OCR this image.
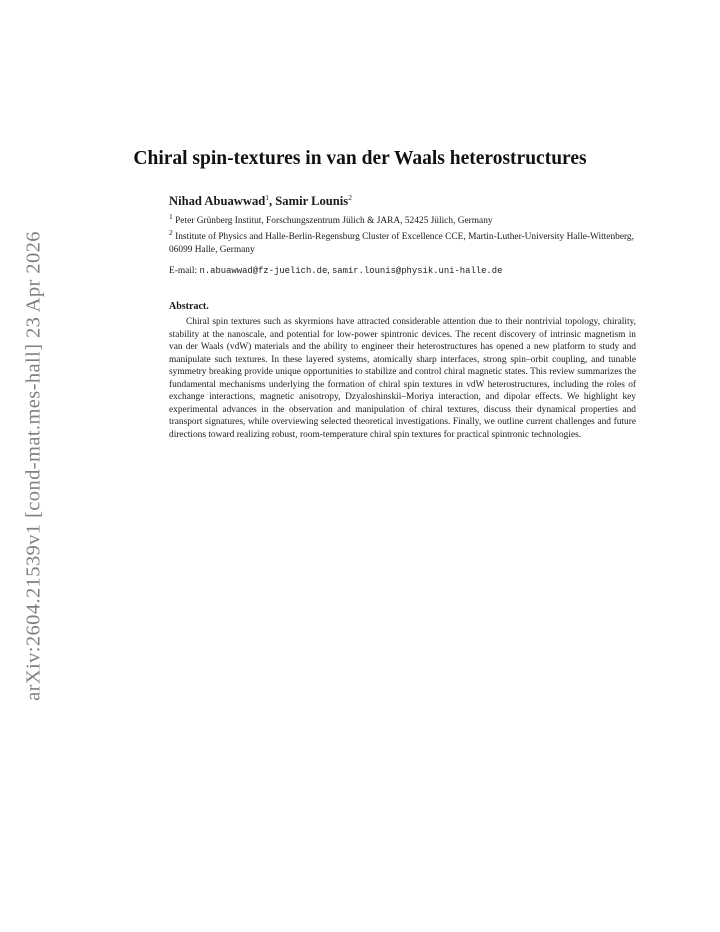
arXiv:2604.21539v1 [cond-mat.mes-hall] 23 Apr 2026
Chiral spin-textures in van der Waals heterostructures
Nihad Abuawwad$^1$, Samir Lounis$^2$
$^1$ Peter Grünberg Institut, Forschungszentrum Jülich & JARA, 52425 Jülich, Germany
$^2$ Institute of Physics and Halle-Berlin-Regensburg Cluster of Excellence CCE, Martin-Luther-University Halle-Wittenberg, 06099 Halle, Germany
E-mail: n.abuawwad@fz-juelich.de, samir.lounis@physik.uni-halle.de
Abstract.
Chiral spin textures such as skyrmions have attracted considerable attention due to their nontrivial topology, chirality, stability at the nanoscale, and potential for low-power spintronic devices. The recent discovery of intrinsic magnetism in van der Waals (vdW) materials and the ability to engineer their heterostructures has opened a new platform to study and manipulate such textures. In these layered systems, atomically sharp interfaces, strong spin–orbit coupling, and tunable symmetry breaking provide unique opportunities to stabilize and control chiral magnetic states. This review summarizes the fundamental mechanisms underlying the formation of chiral spin textures in vdW heterostructures, including the roles of exchange interactions, magnetic anisotropy, Dzyaloshinskii–Moriya interaction, and dipolar effects. We highlight key experimental advances in the observation and manipulation of chiral textures, discuss their dynamical properties and transport signatures, while overviewing selected theoretical investigations. Finally, we outline current challenges and future directions toward realizing robust, room-temperature chiral spin textures for practical spintronic technologies.
